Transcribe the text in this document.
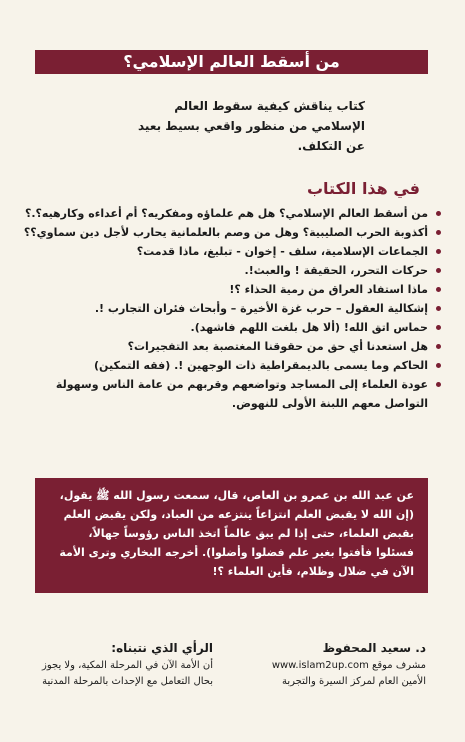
من أسقط العالم الإسلامي؟
كتاب يناقش كيفية سقوط العالم الإسلامي من منظور واقعي بسيط بعيد عن التكلف.
في هذا الكتاب
من أسقط العالم الإسلامي؟ هل هم علماؤه ومفكريه؟ أم أعداءه وكارهيه؟.؟
أكذوبة الحرب الصليبية؟ وهل من وصم بالعلمانية يحارب لأجل دين سماوي؟؟
الجماعات الإسلامية، سلف - إخوان - تبليغ، ماذا قدمت؟
حركات التحرر، الحقيقة ! والعبث!.
ماذا استفاد العراق من رمية الحذاء ؟!
إشكالية العقول – حرب غزة الأخيرة – وأبحاث فئران التجارب !.
حماس اتق الله! (ألا هل بلغت اللهم فاشهد).
هل استعدنا أي حق من حقوقنا المغتصبة بعد التفجيرات؟
الحاكم وما يسمى بالديمقراطية ذات الوجهين !. (فقه التمكين)
عودة العلماء إلى المساجد وتواضعهم وقربهم من عامة الناس وسهولة التواصل معهم اللبنة الأولى للنهوض.
عن عبد الله بن عمرو بن العاص، قال، سمعت رسول الله ﷺ يقول، (إن الله لا يقبض العلم انتزاعاً ينتزعه من العباد، ولكن يقبض العلم بقبض العلماء، حتى إذا لم يبق عالماً اتخذ الناس رؤوساً جهالاً، فسئلوا فأفتوا بغير علم فضلوا وأضلوا). أخرجه البخاري وترى الأمة الآن في ضلال وظلام، فأين العلماء ؟!
د. سعيد المحفوظ
مشرف موقع www.islam2up.com
الأمين العام لمركز السيرة والتجربة
الرأي الذي نتبناه:
أن الأمة الآن في المرحلة المكية، ولا يجوز
بحال التعامل مع الإحداث بالمرحلة المدنية
